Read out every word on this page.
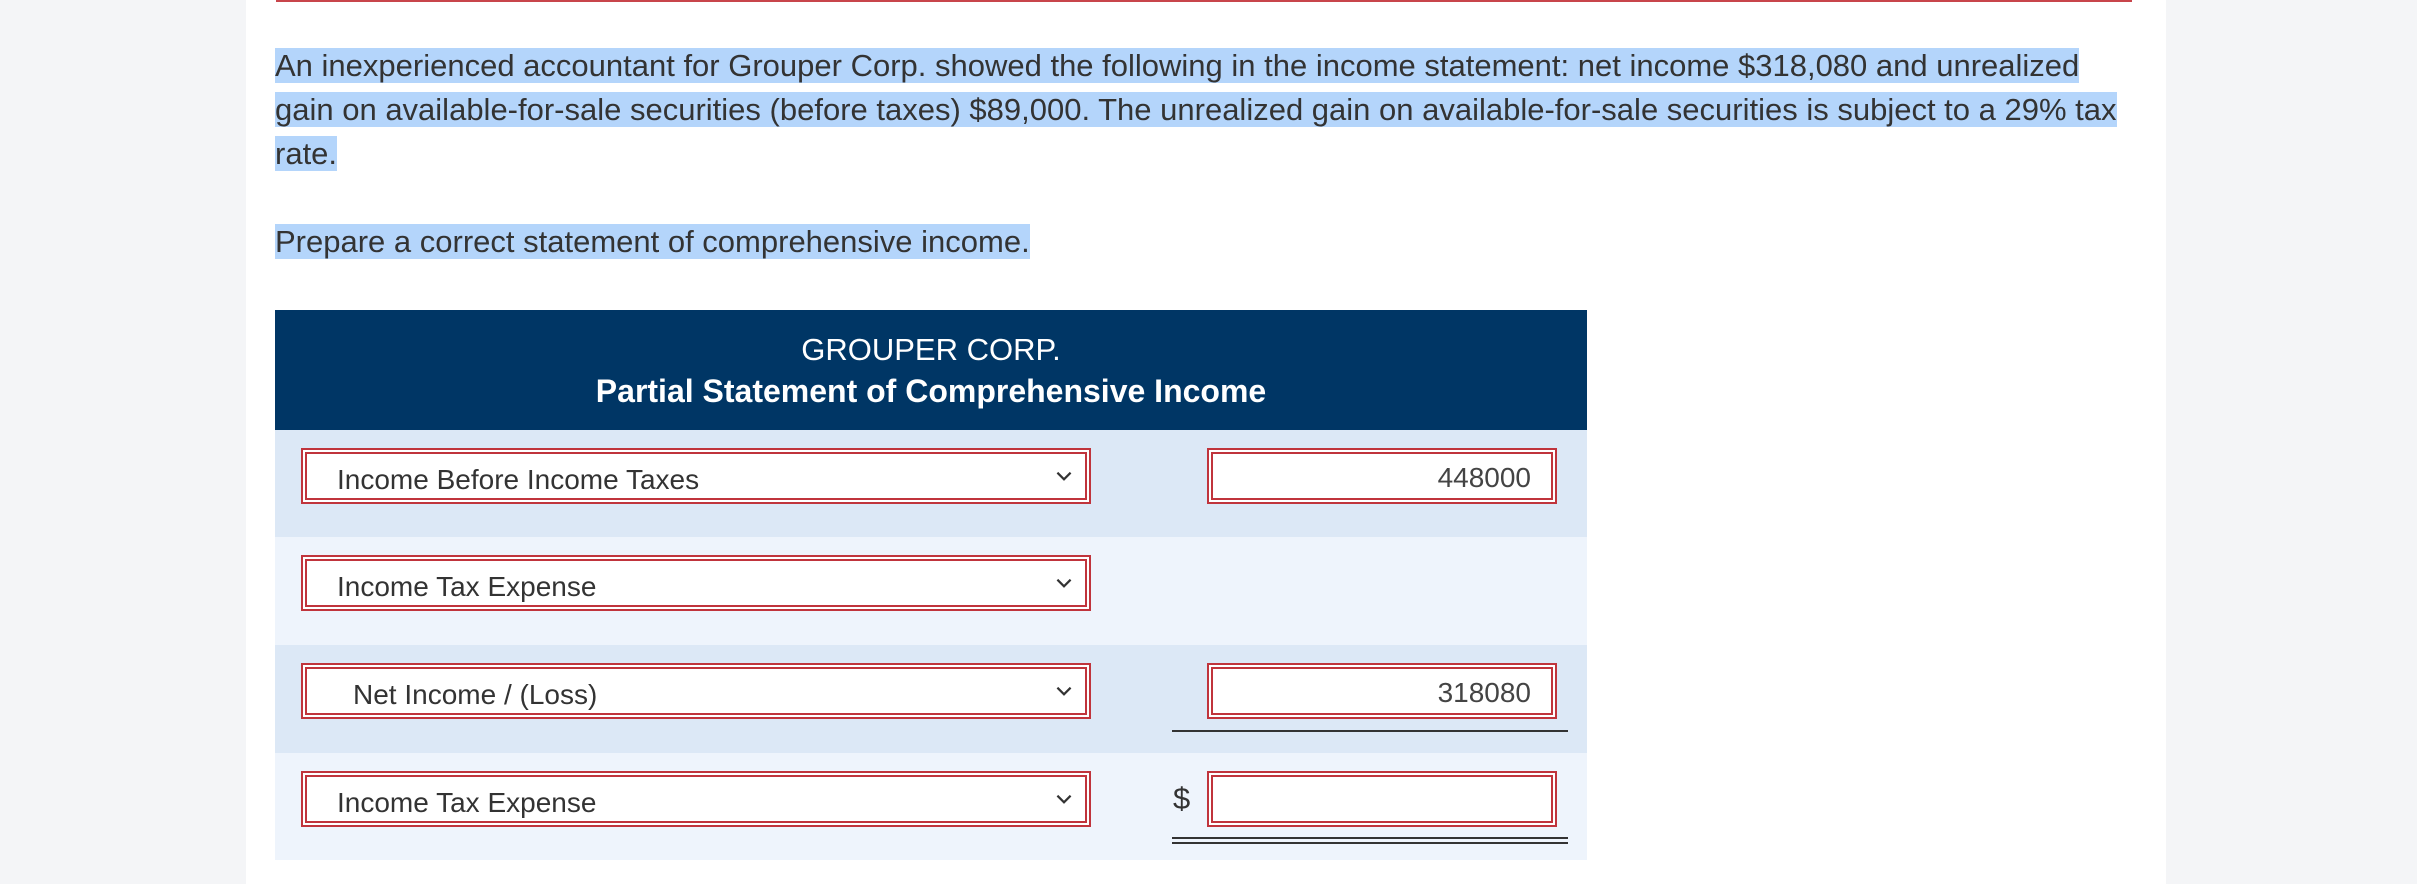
An inexperienced accountant for Grouper Corp. showed the following in the income statement: net income $318,080 and unrealized gain on available-for-sale securities (before taxes) $89,000. The unrealized gain on available-for-sale securities is subject to a 29% tax rate.

Prepare a correct statement of comprehensive income.

GROUPER CORP.
Partial Statement of Comprehensive Income
Income Before Income Taxes	448000
Income Tax Expense
Net Income / (Loss)	318080
Income Tax Expense	$
